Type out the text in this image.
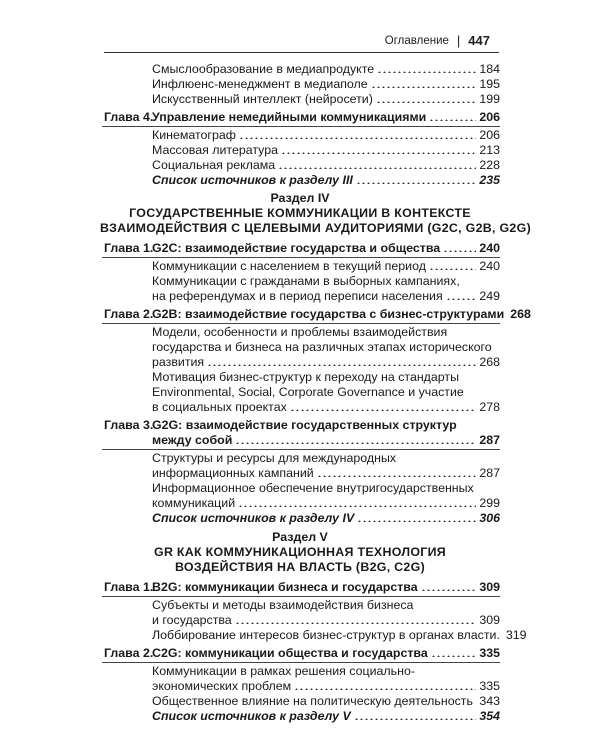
Оглавление | 447
Смыслообразование в медиапродукте	184
Инфлюенс-менеджмент в медиаполе	195
Искусственный интеллект (нейросети)	199
Глава 4.
Управление немедийными коммуникациями	206
Кинематограф	206
Массовая литература	213
Социальная реклама	228
Список источников к разделу III	235
Раздел IV
ГОСУДАРСТВЕННЫЕ КОММУНИКАЦИИ В КОНТЕКСТЕ
ВЗАИМОДЕЙСТВИЯ С ЦЕЛЕВЫМИ АУДИТОРИЯМИ (G2C, G2B, G2G)
Глава 1.
G2C: взаимодействие государства и общества	240
Коммуникации с населением в текущий период	240
Коммуникации с гражданами в выборных кампаниях,
на референдумах и в период переписи населения	249
Глава 2.
G2B: взаимодействие государства с бизнес-структурами 268
Модели, особенности и проблемы взаимодействия
государства и бизнеса на различных этапах исторического
развития	268
Мотивация бизнес-структур к переходу на стандарты
Environmental, Social, Corporate Governance и участие
в социальных проектах	278
Глава 3.
G2G: взаимодействие государственных структур
между собой	287
Структуры и ресурсы для международных
информационных кампаний	287
Информационное обеспечение внутригосударственных
коммуникаций	299
Список источников к разделу IV	306
Раздел V
GR КАК КОММУНИКАЦИОННАЯ ТЕХНОЛОГИЯ
ВОЗДЕЙСТВИЯ НА ВЛАСТЬ (B2G, C2G)
Глава 1.
B2G: коммуникации бизнеса и государства	309
Субъекты и методы взаимодействия бизнеса
и государства	309
Лоббирование интересов бизнес-структур в органах власти. 319
Глава 2.
C2G: коммуникации общества и государства	335
Коммуникации в рамках решения социально-
экономических проблем	335
Общественное влияние на политическую деятельность 343
Список источников к разделу V	354
